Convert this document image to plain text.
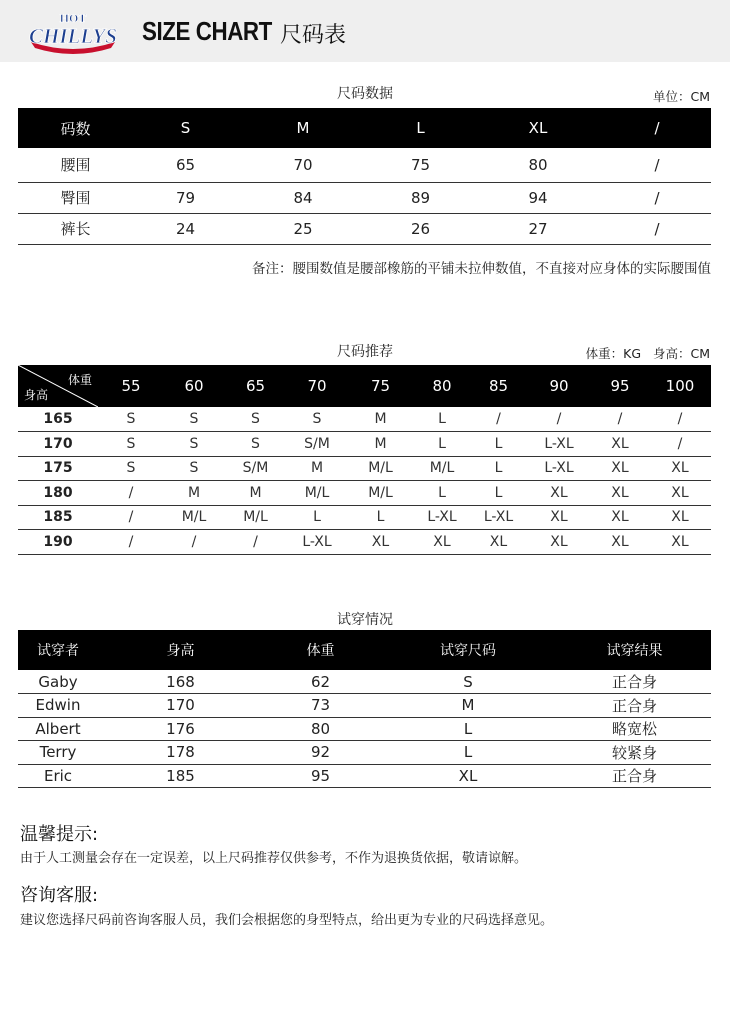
HOT
CHILLYS SIZE CHART 尺码表
尺码数据	单位：CM
码数	S	M	L	XL	/
腰围	65	70	75	80	/
臀围	79	84	89	94	/
裤长	24	25	26	27	/
备注：腰围数值是腰部橡筋的平铺未拉伸数值，不直接对应身体的实际腰围值
尺码推荐	体重：KG   身高：CM
体重
身高	55	60	65	70	75	80	85	90	95	100
165	S	S	S	S	M	L	/	/	/	/
170	S	S	S	S/M	M	L	L	L-XL	XL	/
175	S	S	S/M	M	M/L	M/L	L	L-XL	XL	XL
180	/	M	M	M/L	M/L	L	L	XL	XL	XL
185	/	M/L	M/L	L	L	L-XL	L-XL	XL	XL	XL
190	/	/	/	L-XL	XL	XL	XL	XL	XL	XL
试穿情况
试穿者	身高	体重	试穿尺码	试穿结果
Gaby	168	62	S	正合身
Edwin	170	73	M	正合身
Albert	176	80	L	略宽松
Terry	178	92	L	较紧身
Eric	185	95	XL	正合身
温馨提示:
由于人工测量会存在一定误差，以上尺码推荐仅供参考，不作为退换货依据，敬请谅解。
咨询客服:
建议您选择尺码前咨询客服人员，我们会根据您的身型特点，给出更为专业的尺码选择意见。
